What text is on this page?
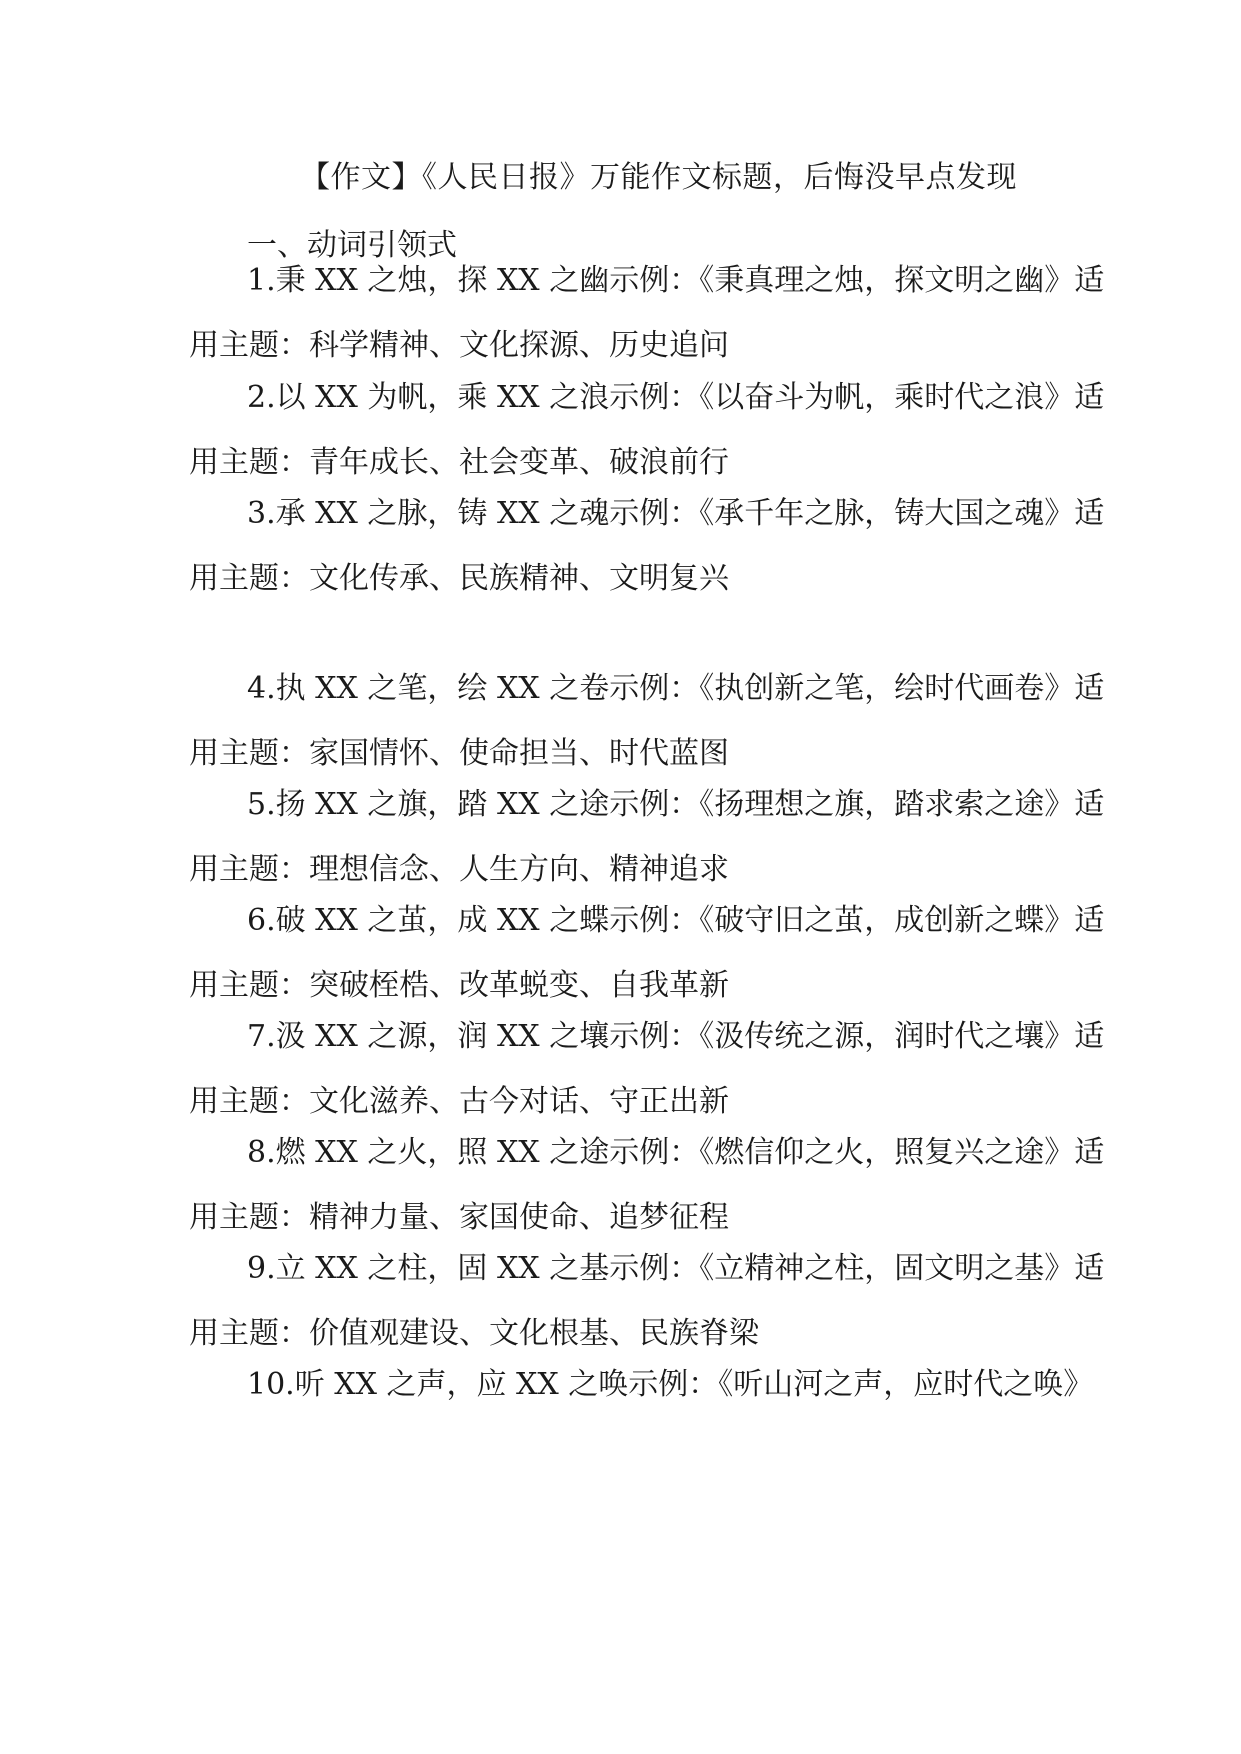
【作文】《人民日报》万能作文标题，后悔没早点发现
一、动词引领式
1.秉 XX 之烛，探 XX 之幽示例：《秉真理之烛，探文明之幽》适
用主题：科学精神、文化探源、历史追问
2.以 XX 为帆，乘 XX 之浪示例：《以奋斗为帆，乘时代之浪》适
用主题：青年成长、社会变革、破浪前行
3.承 XX 之脉，铸 XX 之魂示例：《承千年之脉，铸大国之魂》适
用主题：文化传承、民族精神、文明复兴
4.执 XX 之笔，绘 XX 之卷示例：《执创新之笔，绘时代画卷》适
用主题：家国情怀、使命担当、时代蓝图
5.扬 XX 之旗，踏 XX 之途示例：《扬理想之旗，踏求索之途》适
用主题：理想信念、人生方向、精神追求
6.破 XX 之茧，成 XX 之蝶示例：《破守旧之茧，成创新之蝶》适
用主题：突破桎梏、改革蜕变、自我革新
7.汲 XX 之源，润 XX 之壤示例：《汲传统之源，润时代之壤》适
用主题：文化滋养、古今对话、守正出新
8.燃 XX 之火，照 XX 之途示例：《燃信仰之火，照复兴之途》适
用主题：精神力量、家国使命、追梦征程
9.立 XX 之柱，固 XX 之基示例：《立精神之柱，固文明之基》适
用主题：价值观建设、文化根基、民族脊梁
10.听 XX 之声，应 XX 之唤示例：《听山河之声，应时代之唤》
